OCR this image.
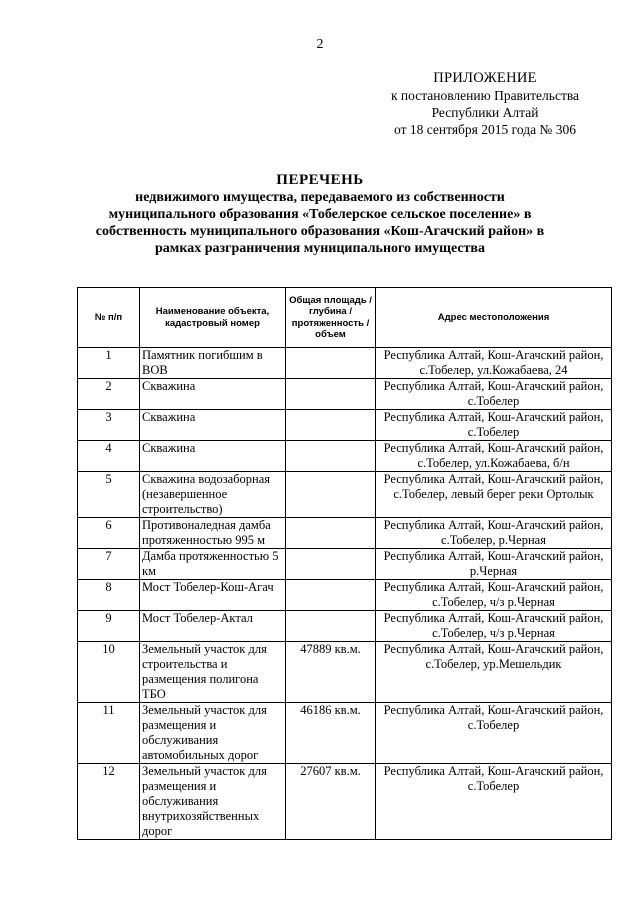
2
ПРИЛОЖЕНИЕ
к постановлению Правительства
Республики Алтай
от 18 сентября 2015 года № 306
ПЕРЕЧЕНЬ
недвижимого имущества, передаваемого из собственности
муниципального образования «Тобелерское сельское поселение» в
собственность муниципального образования «Кош-Агачский район» в
рамках разграничения муниципального имущества
№ п/п	Наименование объекта, кадастровый номер	Общая площадь / глубина / протяженность / объем	Адрес местоположения
1	Памятник погибшим в ВОВ		Республика Алтай, Кош-Агачский район, с.Тобелер, ул.Кожабаева, 24
2	Скважина		Республика Алтай, Кош-Агачский район, с.Тобелер
3	Скважина		Республика Алтай, Кош-Агачский район, с.Тобелер
4	Скважина		Республика Алтай, Кош-Агачский район, с.Тобелер, ул.Кожабаева, б/н
5	Скважина водозаборная (незавершенное строительство)		Республика Алтай, Кош-Агачский район, с.Тобелер, левый берег реки Ортолык
6	Противоналедная дамба протяженностью 995 м		Республика Алтай, Кош-Агачский район, с.Тобелер, р.Черная
7	Дамба протяженностью 5 км		Республика Алтай, Кош-Агачский район, р.Черная
8	Мост Тобелер-Кош-Агач		Республика Алтай, Кош-Агачский район, с.Тобелер, ч/з р.Черная
9	Мост Тобелер-Актал		Республика Алтай, Кош-Агачский район, с.Тобелер, ч/з р.Черная
10	Земельный участок для строительства и размещения полигона ТБО	47889 кв.м.	Республика Алтай, Кош-Агачский район, с.Тобелер, ур.Мешельдик
11	Земельный участок для размещения и обслуживания автомобильных дорог	46186 кв.м.	Республика Алтай, Кош-Агачский район, с.Тобелер
12	Земельный участок для размещения и обслуживания внутрихозяйственных дорог	27607 кв.м.	Республика Алтай, Кош-Агачский район, с.Тобелер
